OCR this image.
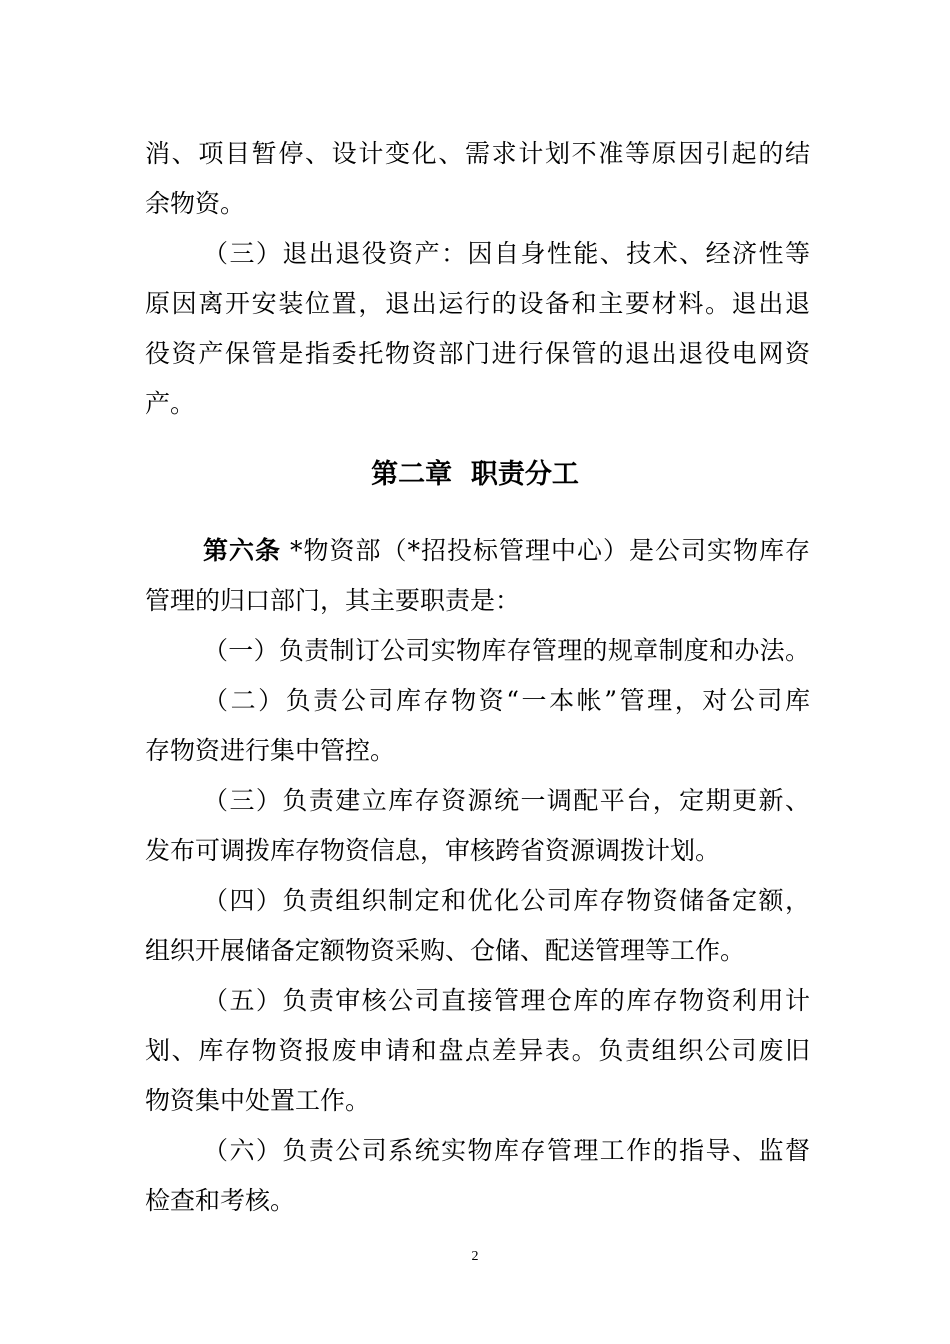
消、项目暂停、设计变化、需求计划不准等原因引起的结
余物资。
（三）退出退役资产：因自身性能、技术、经济性等
原因离开安装位置，退出运行的设备和主要材料。退出退
役资产保管是指委托物资部门进行保管的退出退役电网资
产。
第二章  职责分工
第六条 *物资部（*招投标管理中心）是公司实物库存
管理的归口部门，其主要职责是：
（一）负责制订公司实物库存管理的规章制度和办法。
（二）负责公司库存物资“一本帐”管理，对公司库
存物资进行集中管控。
（三）负责建立库存资源统一调配平台，定期更新、
发布可调拨库存物资信息，审核跨省资源调拨计划。
（四）负责组织制定和优化公司库存物资储备定额，
组织开展储备定额物资采购、仓储、配送管理等工作。
（五）负责审核公司直接管理仓库的库存物资利用计
划、库存物资报废申请和盘点差异表。负责组织公司废旧
物资集中处置工作。
（六）负责公司系统实物库存管理工作的指导、监督
检查和考核。
2
